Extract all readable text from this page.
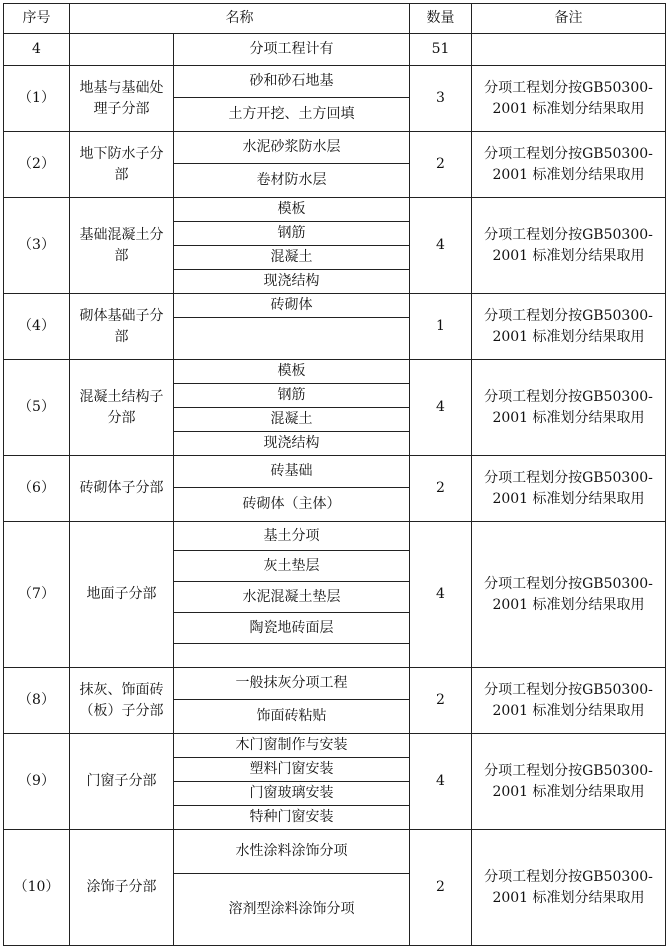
序号	名称		数量	备注
4		分项工程计有	51	
（1）	地基与基础处理子分部	砂和砂石地基	3	分项工程划分按GB50300-2001 标准划分结果取用
		土方开挖、土方回填		
（2）	地下防水子分部	水泥砂浆防水层	2	分项工程划分按GB50300-2001 标准划分结果取用
		卷材防水层		
（3）	基础混凝土分部	模板	4	分项工程划分按GB50300-2001 标准划分结果取用
		钢筋		
		混凝土		
		现浇结构		
（4）	砌体基础子分部	砖砌体	1	分项工程划分按GB50300-2001 标准划分结果取用

（5）	混凝土结构子分部	模板	4	分项工程划分按GB50300-2001 标准划分结果取用
		钢筋		
		混凝土		
		现浇结构		
（6）	砖砌体子分部	砖基础	2	分项工程划分按GB50300-2001 标准划分结果取用
		砖砌体（主体）		
（7）	地面子分部	基土分项	4	分项工程划分按GB50300-2001 标准划分结果取用
		灰土垫层		
		水泥混凝土垫层		
		陶瓷地砖面层		

（8）	抹灰、饰面砖（板）子分部	一般抹灰分项工程	2	分项工程划分按GB50300-2001 标准划分结果取用
		饰面砖粘贴		
（9）	门窗子分部	木门窗制作与安装	4	分项工程划分按GB50300-2001 标准划分结果取用
		塑料门窗安装		
		门窗玻璃安装		
		特种门窗安装		
（10）	涂饰子分部	水性涂料涂饰分项	2	分项工程划分按GB50300-2001 标准划分结果取用
		溶剂型涂料涂饰分项		
